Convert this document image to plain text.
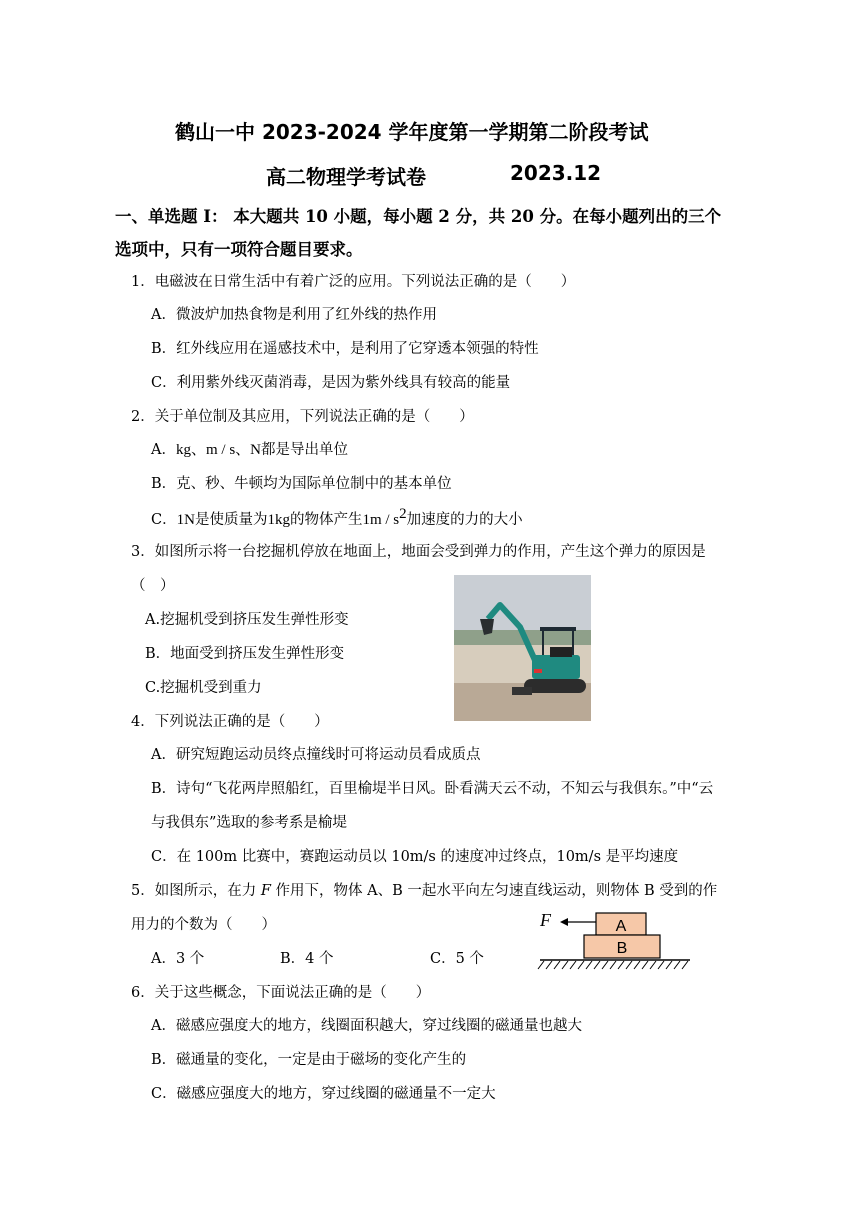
鹤山一中 2023-2024 学年度第一学期第二阶段考试
高二物理学考试卷	2023.12
一、单选题 I： 本大题共 10 小题，每小题 2 分，共 20 分。在每小题列出的三个
选项中，只有一项符合题目要求。
1．电磁波在日常生活中有着广泛的应用。下列说法正确的是（　　）
A．微波炉加热食物是利用了红外线的热作用
B．红外线应用在遥感技术中，是利用了它穿透本领强的特性
C．利用紫外线灭菌消毒，是因为紫外线具有较高的能量
2．关于单位制及其应用，下列说法正确的是（　　）
A．kg、m / s、N都是导出单位
B．克、秒、牛顿均为国际单位制中的基本单位
C．1N是使质量为1kg的物体产生$1m / s^2$加速度的力的大小
3．如图所示将一台挖掘机停放在地面上，地面会受到弹力的作用，产生这个弹力的原因是
（　）
A.挖掘机受到挤压发生弹性形变
B．地面受到挤压发生弹性形变
C.挖掘机受到重力
4．下列说法正确的是（　　）
A．研究短跑运动员终点撞线时可将运动员看成质点
B．诗句“飞花两岸照船红，百里榆堤半日风。卧看满天云不动，不知云与我俱东。”中“云
与我俱东”选取的参考系是榆堤
C．在 100m 比赛中，赛跑运动员以 10m/s 的速度冲过终点，10m/s 是平均速度
5．如图所示，在力 F 作用下，物体 A、B 一起水平向左匀速直线运动，则物体 B 受到的作
用力的个数为（　　）
A．3 个	B．4 个	C．5 个
F	A
B
6．关于这些概念，下面说法正确的是（　　）
A．磁感应强度大的地方，线圈面积越大，穿过线圈的磁通量也越大
B．磁通量的变化，一定是由于磁场的变化产生的
C．磁感应强度大的地方，穿过线圈的磁通量不一定大
